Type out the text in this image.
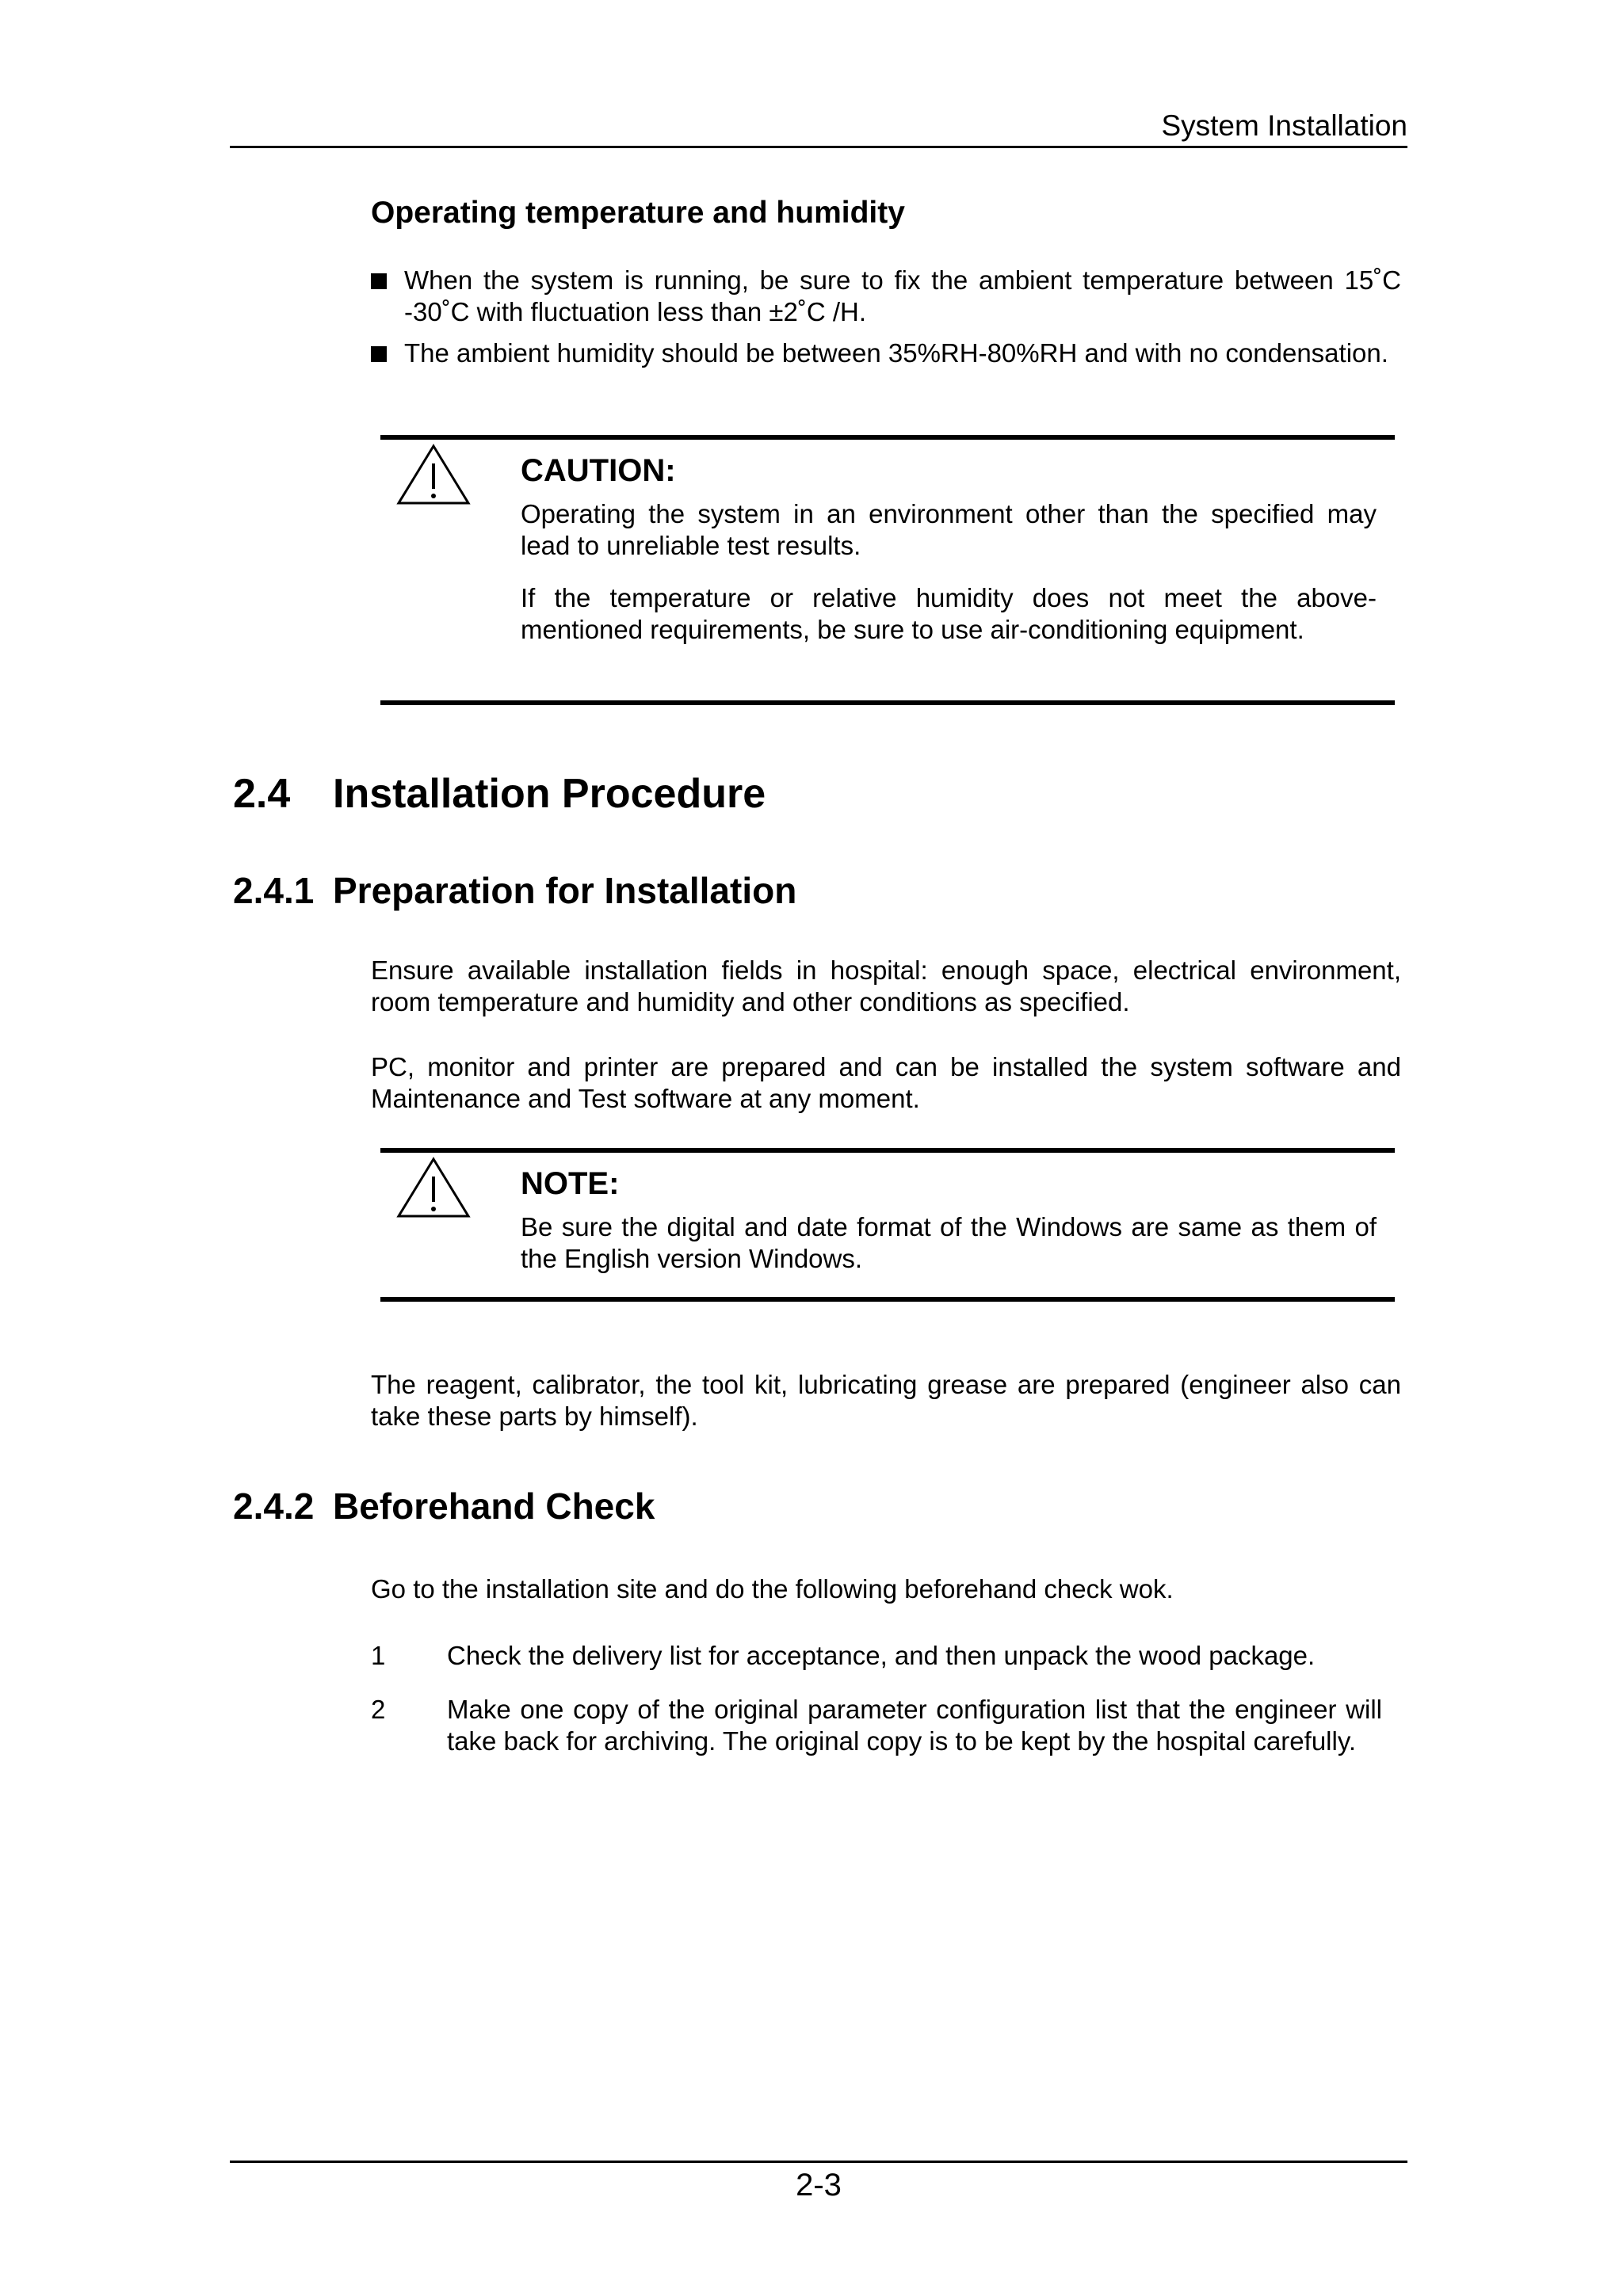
System Installation
Operating temperature and humidity
When the system is running, be sure to fix the ambient temperature between 15˚C -30˚C with fluctuation less than ±2˚C /H.
The ambient humidity should be between 35%RH-80%RH and with no condensation.
CAUTION:

Operating the system in an environment other than the specified may lead to unreliable test results.

If the temperature or relative humidity does not meet the above-mentioned requirements, be sure to use air-conditioning equipment.

2.4 Installation Procedure
2.4.1 Preparation for Installation

Ensure available installation fields in hospital: enough space, electrical environment, room temperature and humidity and other conditions as specified.

PC, monitor and printer are prepared and can be installed the system software and Maintenance and Test software at any moment.

NOTE:

Be sure the digital and date format of the Windows are same as them of the English version Windows.

The reagent, calibrator, the tool kit, lubricating grease are prepared (engineer also can take these parts by himself).

2.4.2 Beforehand Check

Go to the installation site and do the following beforehand check wok.

1 Check the delivery list for acceptance, and then unpack the wood package.
2 Make one copy of the original parameter configuration list that the engineer will take back for archiving. The original copy is to be kept by the hospital carefully.
2-3
